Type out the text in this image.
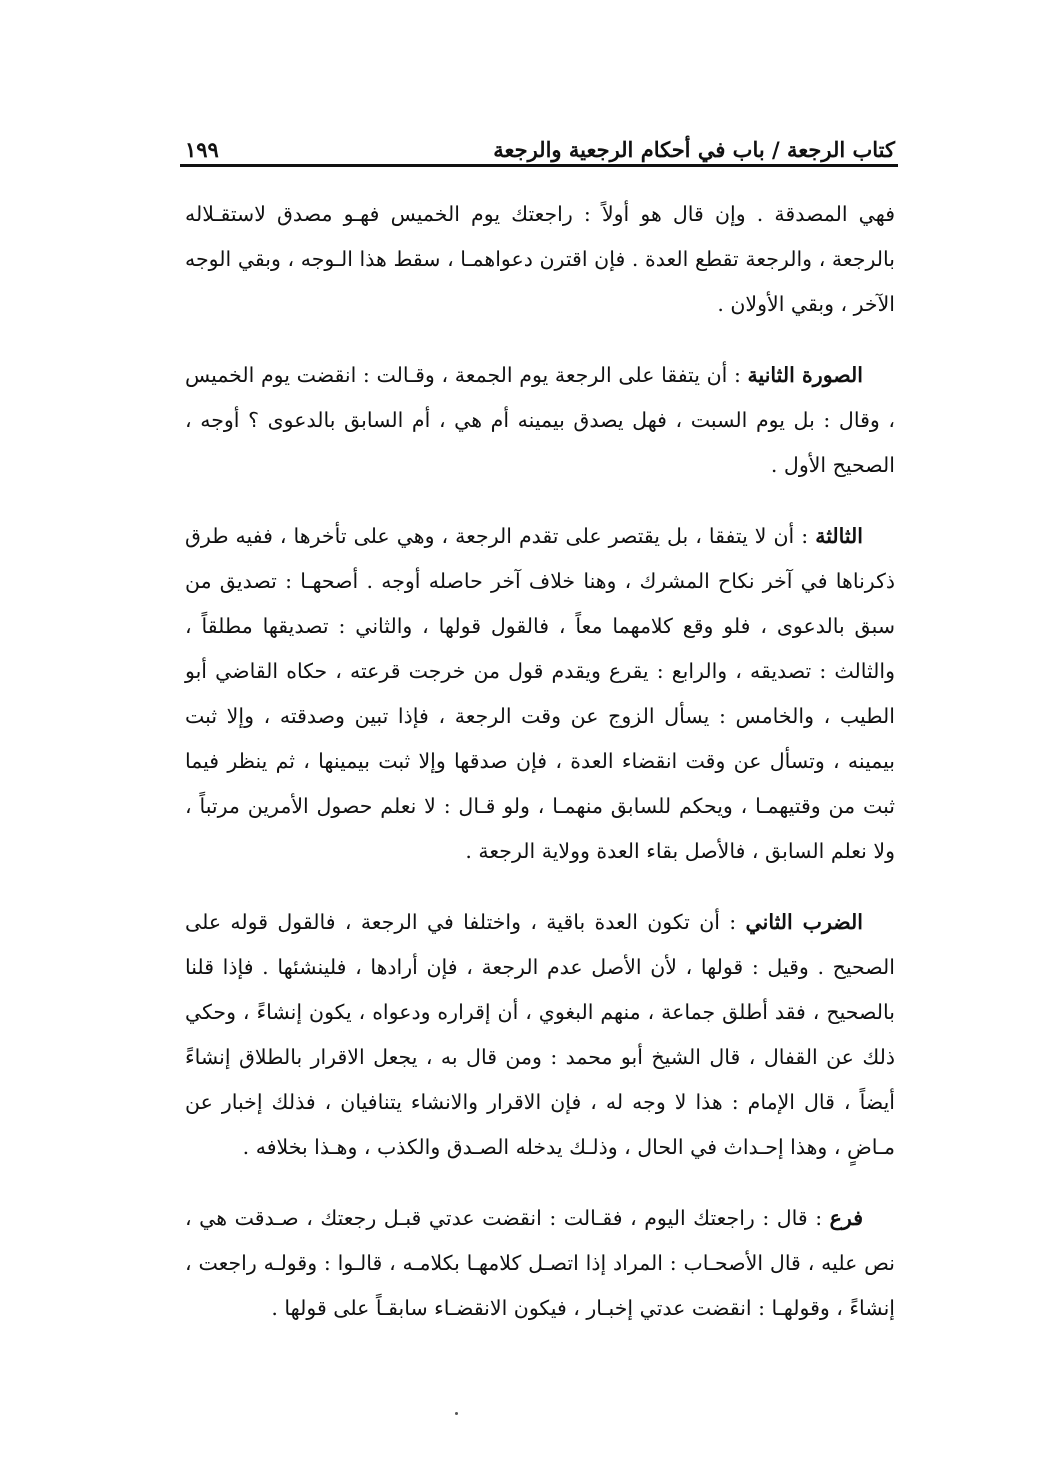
كتاب الرجعة / باب في أحكام الرجعية والرجعة
١٩٩

فهي المصدقة . وإن قال هو أولاً : راجعتك يوم الخميس فهـو مصدق لاستقـلاله بالرجعة ، والرجعة تقطع العدة . فإن اقترن دعواهمـا ، سقط هذا الـوجه ، وبقي الوجه الآخر ، وبقي الأولان .

الصورة الثانية : أن يتفقا على الرجعة يوم الجمعة ، وقـالت : انقضت يوم الخميس ، وقال : بل يوم السبت ، فهل يصدق بيمينه أم هي ، أم السابق بالدعوى ؟ أوجه ، الصحيح الأول .

الثالثة : أن لا يتفقا ، بل يقتصر على تقدم الرجعة ، وهي على تأخرها ، ففيه طرق ذكرناها في آخر نكاح المشرك ، وهنا خلاف آخر حاصله أوجه . أصحهـا : تصديق من سبق بالدعوى ، فلو وقع كلامهما معاً ، فالقول قولها ، والثاني : تصديقها مطلقاً ، والثالث : تصديقه ، والرابع : يقرع ويقدم قول من خرجت قرعته ، حكاه القاضي أبو الطيب ، والخامس : يسأل الزوج عن وقت الرجعة ، فإذا تبين وصدقته ، وإلا ثبت بيمينه ، وتسأل عن وقت انقضاء العدة ، فإن صدقها وإلا ثبت بيمينها ، ثم ينظر فيما ثبت من وقتيهمـا ، ويحكم للسابق منهمـا ، ولو قـال : لا نعلم حصول الأمرين مرتباً ، ولا نعلم السابق ، فالأصل بقاء العدة وولاية الرجعة .

الضرب الثاني : أن تكون العدة باقية ، واختلفا في الرجعة ، فالقول قوله على الصحيح . وقيل : قولها ، لأن الأصل عدم الرجعة ، فإن أرادها ، فلينشئها . فإذا قلنا بالصحيح ، فقد أطلق جماعة ، منهم البغوي ، أن إقراره ودعواه ، يكون إنشاءً ، وحكي ذلك عن القفال ، قال الشيخ أبو محمد : ومن قال به ، يجعل الاقرار بالطلاق إنشاءً أيضاً ، قال الإمام : هذا لا وجه له ، فإن الاقرار والانشاء يتنافيان ، فذلك إخبار عن مـاضٍ ، وهذا إحـداث في الحال ، وذلـك يدخله الصـدق والكذب ، وهـذا بخلافه .

فرع : قال : راجعتك اليوم ، فقـالت : انقضت عدتي قبـل رجعتك ، صـدقت هي ، نص عليه ، قال الأصحـاب : المراد إذا اتصـل كلامهـا بكلامـه ، قالـوا : وقولـه راجعت ، إنشاءً ، وقولهـا : انقضت عدتي إخبـار ، فيكون الانقضـاء سابقـاً على قولها .
